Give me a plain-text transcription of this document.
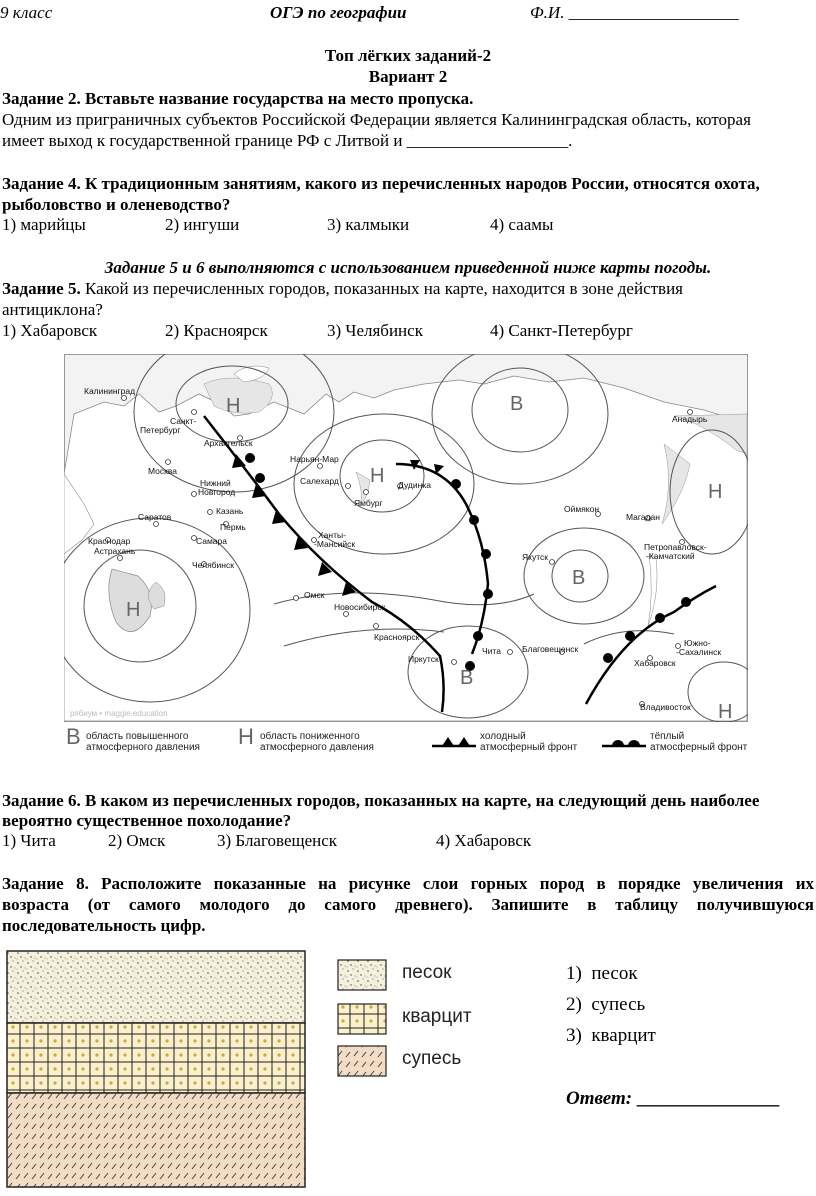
9 класс	ОГЭ по географии	Ф.И. ____________________
Топ лёгких заданий-2
Вариант 2
Задание 2. Вставьте название государства на место пропуска.
Одним из приграничных субъектов Российской Федерации является Калининградская область, которая
имеет выход к государственной границе РФ с Литвой и ___________________.
Задание 4. К традиционным занятиям, какого из перечисленных народов России, относятся охота,
рыболовство и оленеводство?
1) марийцы	2) ингуши	3) калмыки	4) саамы
Задание 5 и 6 выполняются с использованием приведенной ниже карты погоды.
Задание 5. Какой из перечисленных городов, показанных на карте, находится в зоне действия
антициклона?
1) Хабаровск	2) Красноярск	3) Челябинск	4) Санкт-Петербург
Н
Н
В
В
Н
Н
В
Н
Калининград
Санкт-
Петербург
Архангельск
Москва
Нарьян-Мар
Салехард	Дудинка
Нижний
Новгород
Ямбург
Казань
Пермь
Саратов
Самара
Краснодар
Астрахань
Челябинск
Ханты-
-Мансийск
Омск
Новосибирск
Красноярск
Иркутск
Чита Благовещенск
Якутск
Оймякон
Магадан
Петропавловск-
-Камчатский
Анадырь
Южно-
-Сахалинск
Хабаровск
Владивосток
рябиум • maggie.education
В область повышенного
атмосферного давления Н область пониженного
атмосферного давления
холодный
атмосферный фронт
тёплый
атмосферный фронт
Задание 6. В каком из перечисленных городов, показанных на карте, на следующий день наиболее
вероятно существенное похолодание?
1) Чита	2) Омск	3) Благовещенск	4) Хабаровск
Задание 8. Расположите показанные на рисунке слои горных пород в порядке увеличения их
возраста (от самого молодого до самого древнего). Запишите в таблицу получившуюся
последовательность цифр.
песок
кварцит
супесь
1) песок
2) супесь
3) кварцит
Ответ: _______________
